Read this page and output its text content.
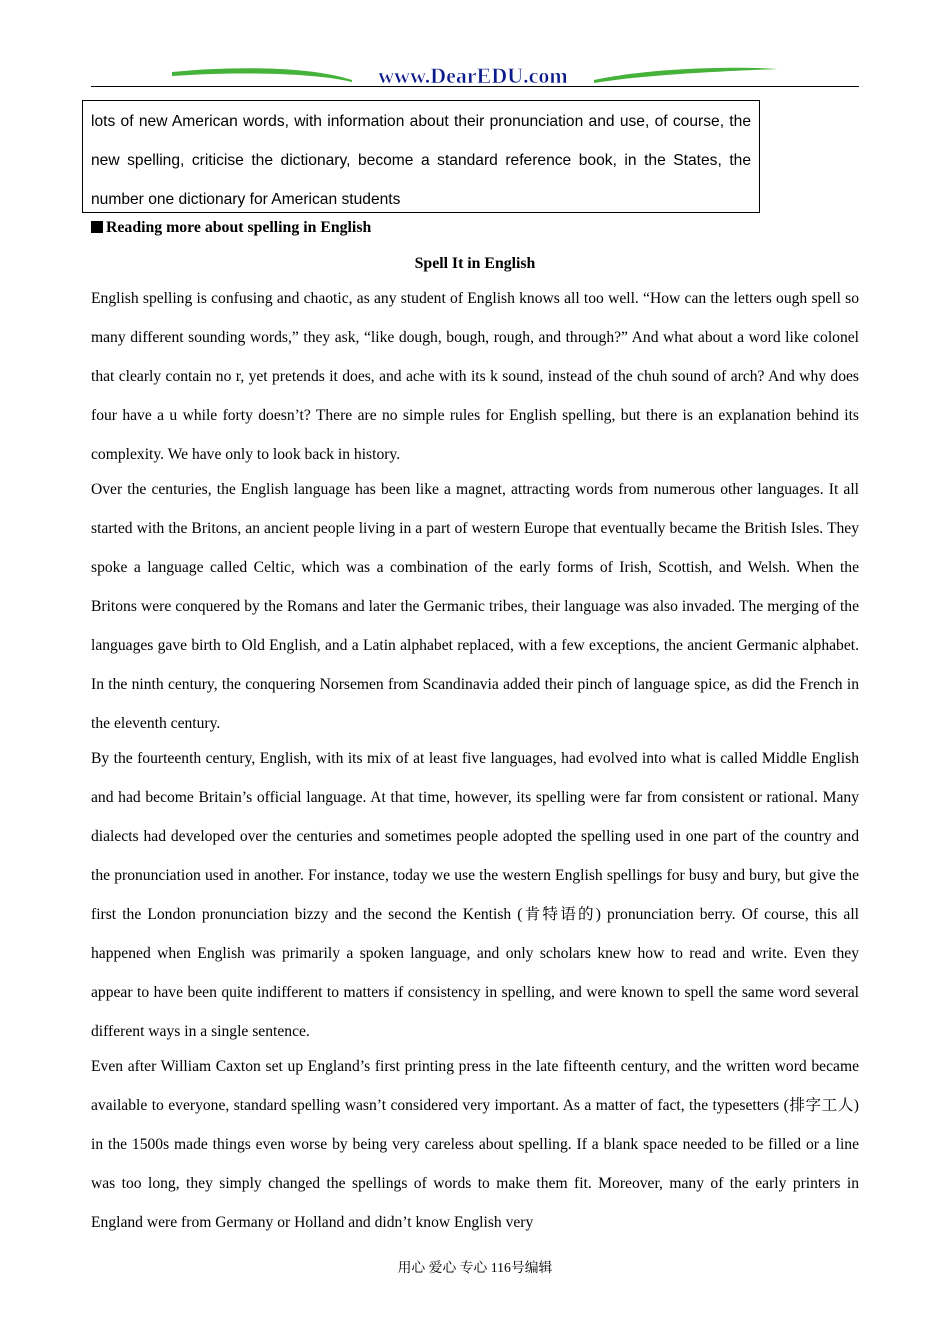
www.DearEDU.com
lots of new American words, with information about their pronunciation and use, of course, the new spelling, criticise the dictionary, become a standard reference book, in the States, the number one dictionary for American students
Reading more about spelling in English
Spell It in English

English spelling is confusing and chaotic, as any student of English knows all too well. “How can the letters ough spell so many different sounding words,” they ask, “like dough, bough, rough, and through?” And what about a word like colonel that clearly contain no r, yet pretends it does, and ache with its k sound, instead of the chuh sound of arch? And why does four have a u while forty doesn’t? There are no simple rules for English spelling, but there is an explanation behind its complexity. We have only to look back in history.

Over the centuries, the English language has been like a magnet, attracting words from numerous other languages. It all started with the Britons, an ancient people living in a part of western Europe that eventually became the British Isles. They spoke a language called Celtic, which was a combination of the early forms of Irish, Scottish, and Welsh. When the Britons were conquered by the Romans and later the Germanic tribes, their language was also invaded. The merging of the languages gave birth to Old English, and a Latin alphabet replaced, with a few exceptions, the ancient Germanic alphabet. In the ninth century, the conquering Norsemen from Scandinavia added their pinch of language spice, as did the French in the eleventh century.

By the fourteenth century, English, with its mix of at least five languages, had evolved into what is called Middle English and had become Britain’s official language. At that time, however, its spelling were far from consistent or rational. Many dialects had developed over the centuries and sometimes people adopted the spelling used in one part of the country and the pronunciation used in another. For instance, today we use the western English spellings for busy and bury, but give the first the London pronunciation bizzy and the second the Kentish (肯特语的) pronunciation berry. Of course, this all happened when English was primarily a spoken language, and only scholars knew how to read and write. Even they appear to have been quite indifferent to matters if consistency in spelling, and were known to spell the same word several different ways in a single sentence.

Even after William Caxton set up England’s first printing press in the late fifteenth century, and the written word became available to everyone, standard spelling wasn’t considered very important. As a matter of fact, the typesetters (排字工人) in the 1500s made things even worse by being very careless about spelling. If a blank space needed to be filled or a line was too long, they simply changed the spellings of words to make them fit. Moreover, many of the early printers in England were from Germany or Holland and didn’t know English very

用心 爱心 专心 116号编辑
